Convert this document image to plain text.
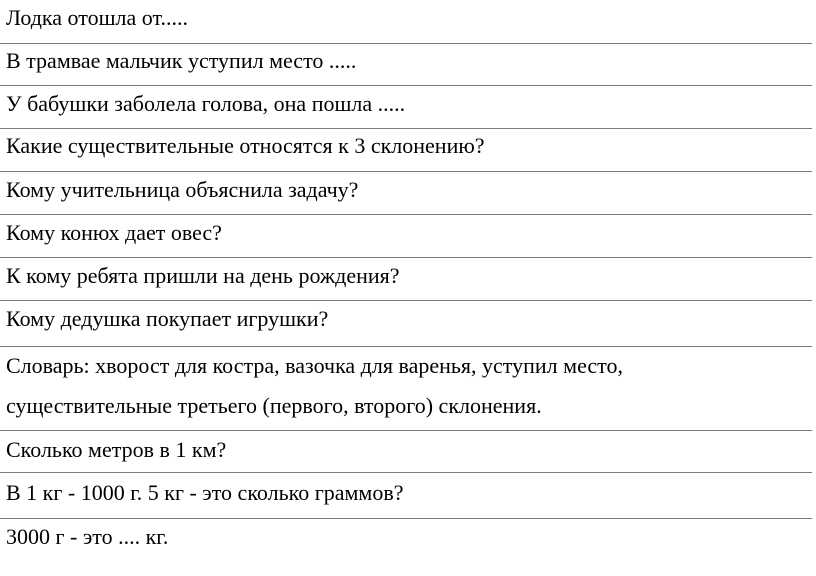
Лодка отошла от.....
В трамвае мальчик уступил место .....
У бабушки заболела голова, она пошла .....
Какие существительные относятся к 3 склонению?
Кому учительница объяснила задачу?
Кому конюх дает овес?
К кому ребята пришли на день рождения?
Кому дедушка покупает игрушки?
Словарь: хворост для костра, вазочка для варенья, уступил место,
существительные третьего (первого, второго) склонения.
Сколько метров в 1 км?
В 1 кг - 1000 г. 5 кг - это сколько граммов?
3000 г - это .... кг.
